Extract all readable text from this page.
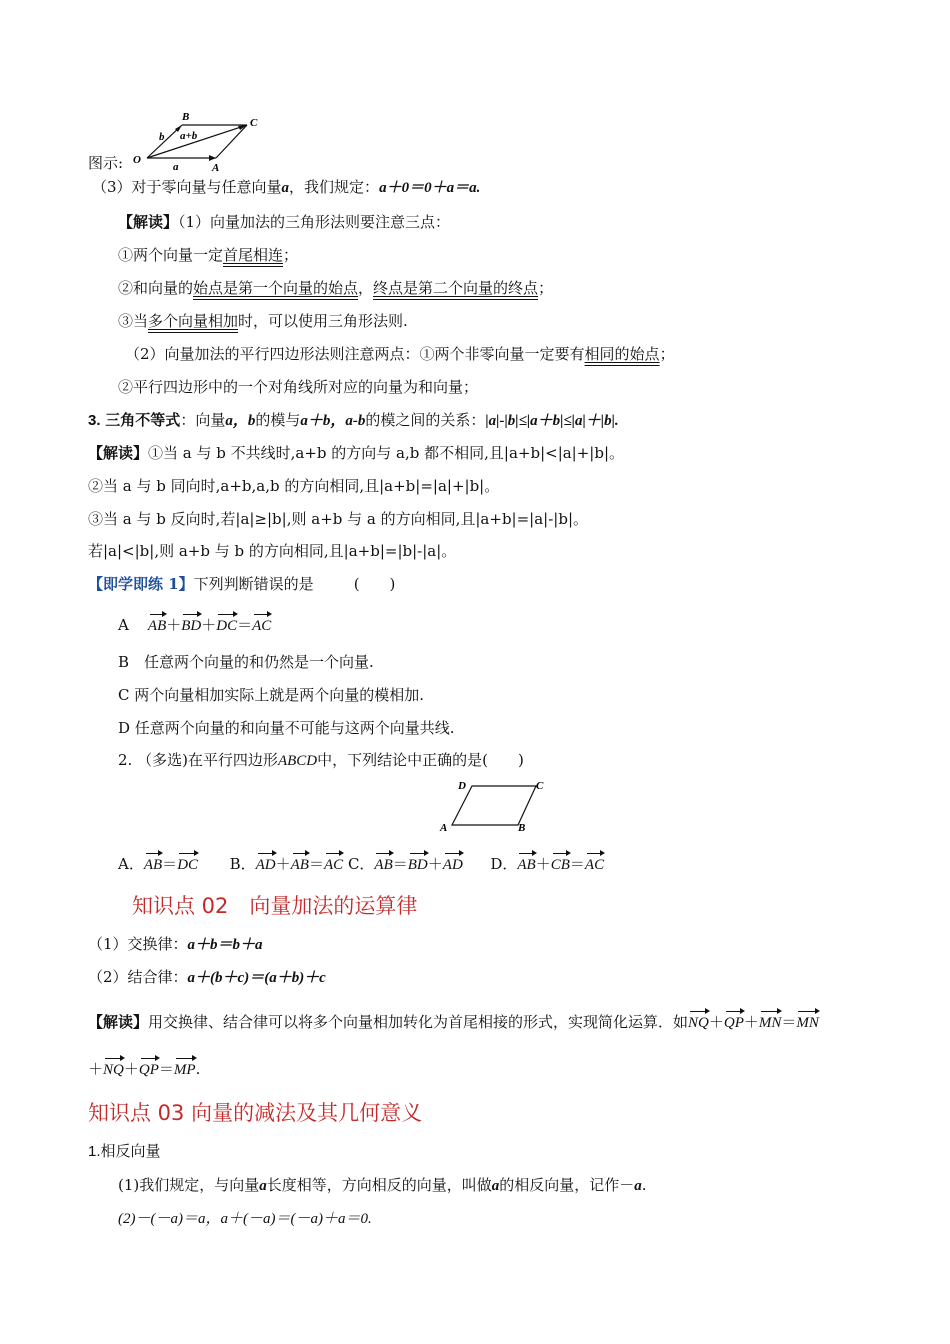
图示:
B	C
O
A
b a+b
a
（3）对于零向量与任意向量a，我们规定：a＋0＝0＋a＝a.
【解读】（1）向量加法的三角形法则要注意三点：
①两个向量一定首尾相连；
②和向量的始点是第一个向量的始点，终点是第二个向量的终点；
③当多个向量相加时，可以使用三角形法则.
（2）向量加法的平行四边形法则注意两点：①两个非零向量一定要有相同的始点；
②平行四边形中的一个对角线所对应的向量为和向量；
3. 三角不等式：向量a，b的模与a＋b，a-b的模之间的关系：|a|-|b|≤|a＋b|≤|a|＋|b|.
【解读】①当 a 与 b 不共线时,a+b 的方向与 a,b 都不相同,且|a+b|<|a|+|b|。
②当 a 与 b 同向时,a+b,a,b 的方向相同,且|a+b|=|a|+|b|。
③当 a 与 b 反向时,若|a|≥|b|,则 a+b 与 a 的方向相同,且|a+b|=|a|-|b|。
若|a|<|b|,则 a+b 与 b 的方向相同,且|a+b|=|b|-|a|。
【即学即练 1】下列判断错误的是	(　　)
A AB＋BD＋DC＝AC
B　任意两个向量的和仍然是一个向量.
C 两个向量相加实际上就是两个向量的模相加.
D 任意两个向量的和向量不可能与这两个向量共线.
2. （多选)在平行四边形ABCD中，下列结论中正确的是(　　)
D	C
A	B
A．AB＝DC B．AD＋AB＝AC C．AB＝BD＋AD D．AB＋CB＝AC
知识点 02　向量加法的运算律
（1）交换律：a＋b＝b＋a
（2）结合律：a＋(b＋c)＝(a＋b)＋c
【解读】用交换律、结合律可以将多个向量相加转化为首尾相接的形式，实现简化运算．如NQ＋QP＋MN＝MN
＋NQ＋QP＝MP.
知识点 03 向量的减法及其几何意义
1.相反向量
(1)我们规定，与向量a长度相等，方向相反的向量，叫做a的相反向量，记作－a.
(2)－(－a)＝a，a＋(－a)＝(－a)＋a＝0.
